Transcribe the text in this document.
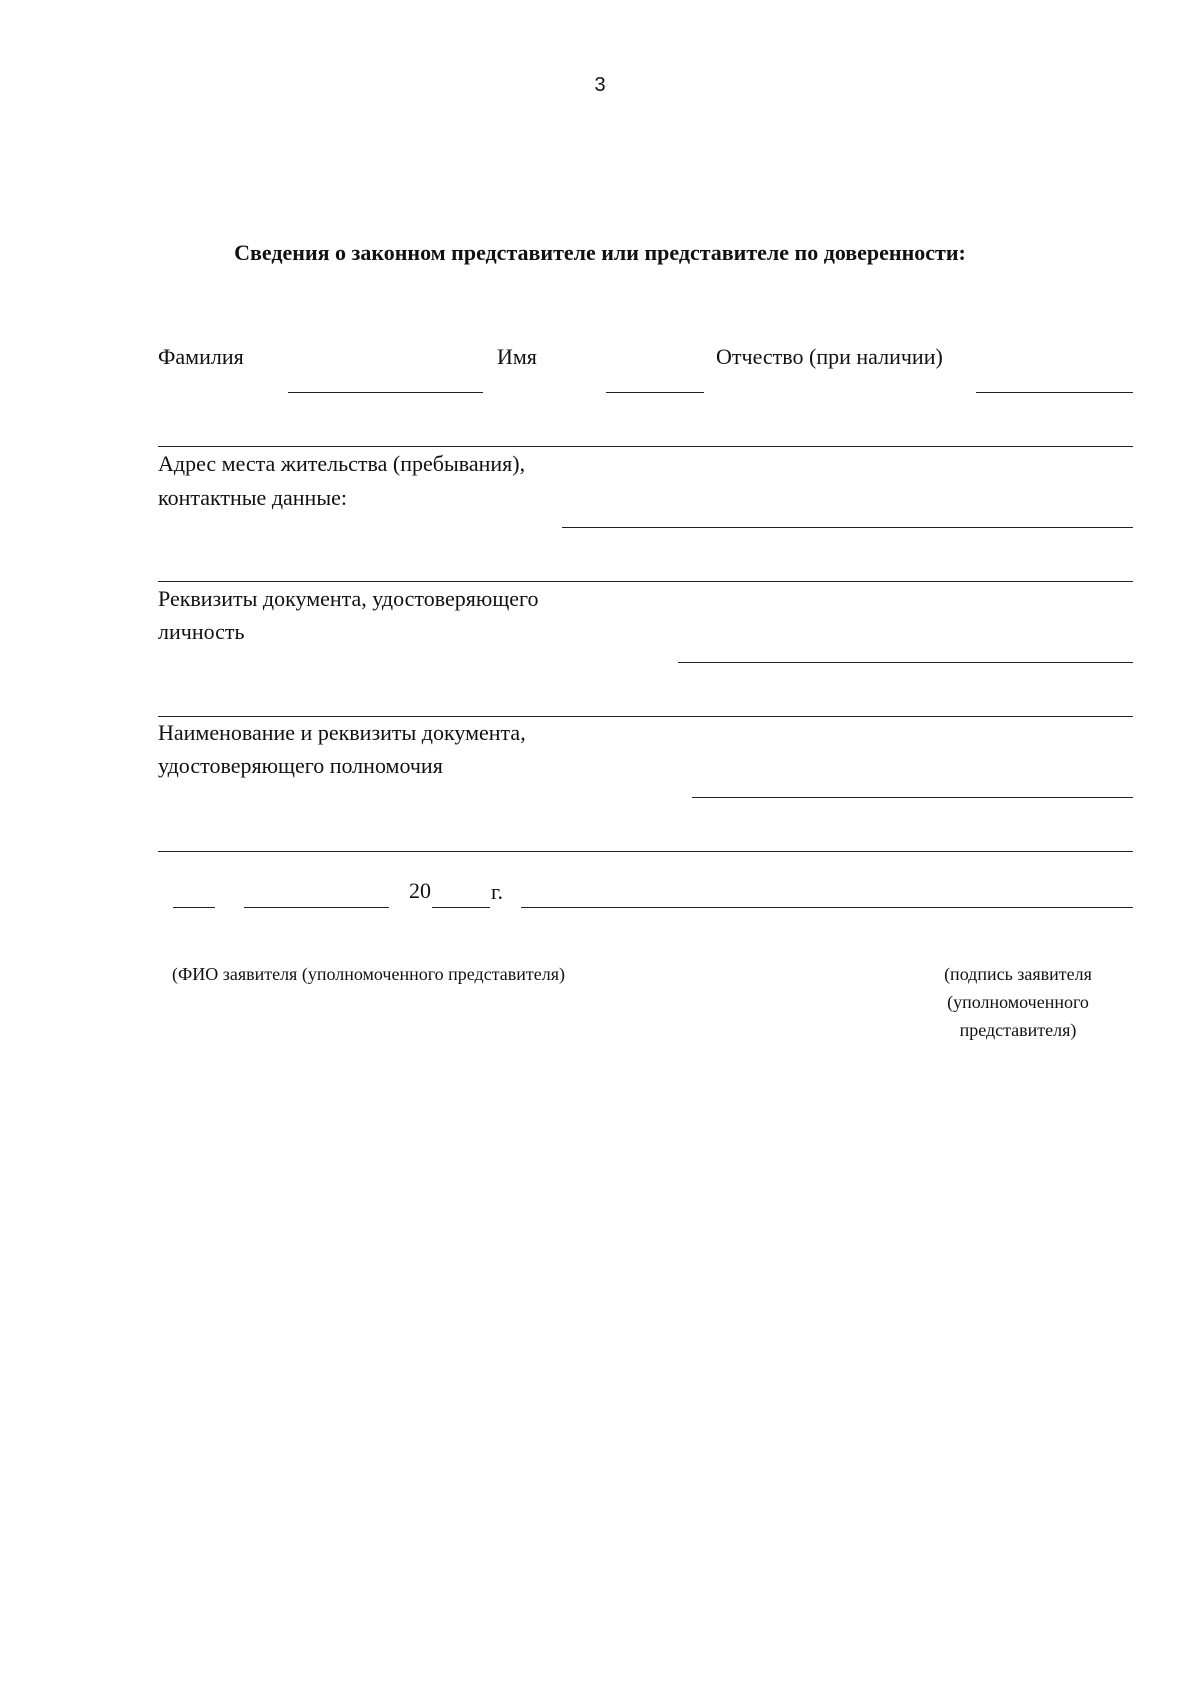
3
Сведения о законном представителе или представителе по доверенности:
Фамилия	Имя	Отчество (при наличии)
Адрес места жительства (пребывания),
контактные данные:
Реквизиты документа, удостоверяющего
личность
Наименование и реквизиты документа,
удостоверяющего полномочия
20	г.
(ФИО заявителя (уполномоченного представителя)	(подпись заявителя
(уполномоченного
представителя)
